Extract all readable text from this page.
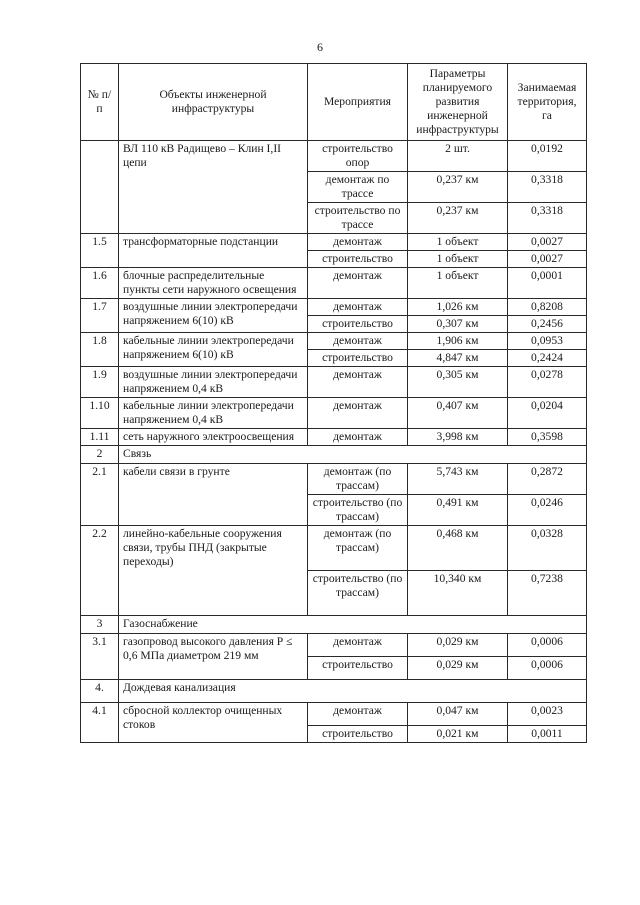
6
№ п/п	Объекты инженерной инфраструктуры	Мероприятия	Параметры планируемого развития инженерной инфраструктуры	Занимаемая территория, га
	ВЛ 110 кВ Радищево – Клин I,II цепи	строительство опор	2 шт.	0,0192
		демонтаж по трассе	0,237 км	0,3318
		строительство по трассе	0,237 км	0,3318
1.5	трансформаторные подстанции	демонтаж	1 объект	0,0027
		строительство	1 объект	0,0027
1.6	блочные распределительные пункты сети наружного освещения	демонтаж	1 объект	0,0001
1.7	воздушные линии электропередачи напряжением 6(10) кВ	демонтаж	1,026 км	0,8208
		строительство	0,307 км	0,2456
1.8	кабельные линии электропередачи напряжением 6(10) кВ	демонтаж	1,906 км	0,0953
		строительство	4,847 км	0,2424
1.9	воздушные линии электропередачи напряжением 0,4 кВ	демонтаж	0,305 км	0,0278
1.10	кабельные линии электропередачи напряжением 0,4 кВ	демонтаж	0,407 км	0,0204
1.11	сеть наружного электроосвещения	демонтаж	3,998 км	0,3598
2	Связь			
2.1	кабели связи в грунте	демонтаж (по трассам)	5,743 км	0,2872
		строительство (по трассам)	0,491 км	0,0246
2.2	линейно-кабельные сооружения связи, трубы ПНД (закрытые переходы)	демонтаж (по трассам)	0,468 км	0,0328
		строительство (по трассам)	10,340 км	0,7238
3	Газоснабжение			
3.1	газопровод высокого давления Р ≤ 0,6 МПа диаметром 219 мм	демонтаж	0,029 км	0,0006
		строительство	0,029 км	0,0006
4.	Дождевая канализация			
4.1	сбросной коллектор очищенных стоков	демонтаж	0,047 км	0,0023
		строительство	0,021 км	0,0011
